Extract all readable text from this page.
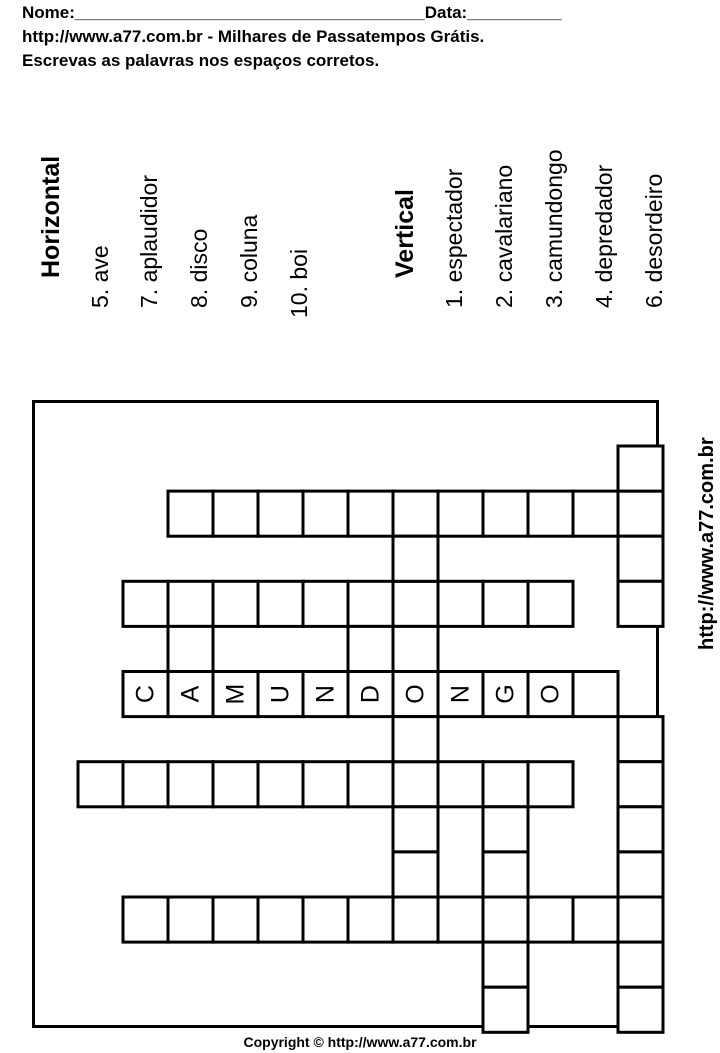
Nome:_____________________________________Data:__________

http://www.a77.com.br - Milhares de Passatempos Grátis.

Escrevas as palavras nos espaços corretos.

Horizontal 5. ave 7. aplaudidor 8. disco 9. coluna 10. boi
Vertical 1. espectador 2. cavalariano 3. camundongo 4. depredador 6. desordeiro
http://www.a77.com.br
C A M U N D O N G O

Copyright © http://www.a77.com.br
